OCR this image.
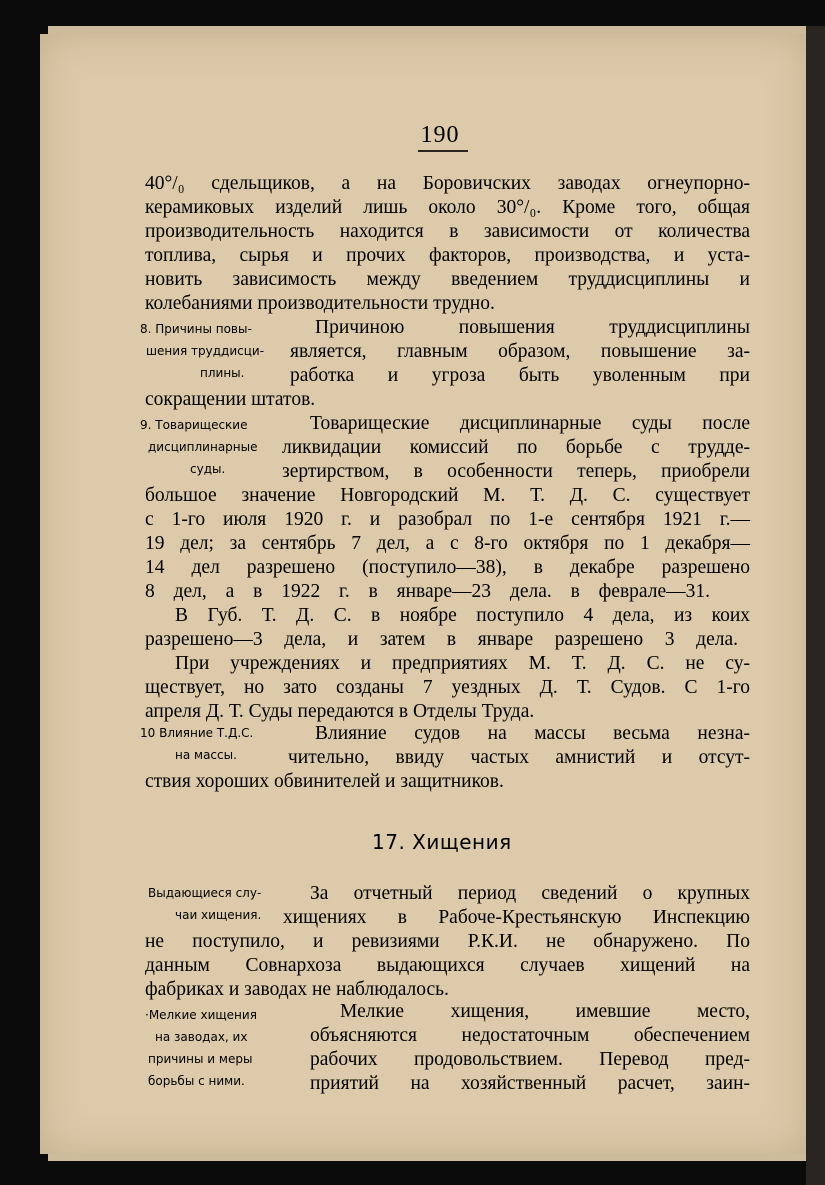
190
40°/₀ сдельщиков, а на Боровичских заводах огнеупорно-
керамиковых изделий лишь около 30°/₀. Кроме того, общая
производительность находится в зависимости от количества
топлива, сырья и прочих факторов, производства, и уста-
новить зависимость между введением труддисциплины и
колебаниями производительности трудно.
8. Причины повы-
шения труддисци-
плины.
Причиною повышения труддисциплины
является, главным образом, повышение за-
работка и угроза быть уволенным при
сокращении штатов.
9. Товарищеские
дисциплинарные
суды.
Товарищеские дисциплинарные суды после
ликвидации комиссий по борьбе с трудде-
зертирством, в особенности теперь, приобрели
большое значение Новгородский М. Т. Д. С. существует
с 1-го июля 1920 г. и разобрал по 1-е сентября 1921 г.—
19 дел; за сентябрь 7 дел, а с 8-го октября по 1 декабря—
14 дел разрешено (поступило—38), в декабре разрешено
8 дел, а в 1922 г. в январе—23 дела. в феврале—31.
В Губ. Т. Д. С. в ноябре поступило 4 дела, из коих
разрешено—3 дела, и затем в январе разрешено 3 дела.
При учреждениях и предприятиях М. Т. Д. С. не су-
ществует, но зато созданы 7 уездных Д. Т. Судов. С 1-го
апреля Д. Т. Суды передаются в Отделы Труда.
10 Влияние Т.Д.С.
на массы.
Влияние судов на массы весьма незна-
чительно, ввиду частых амнистий и отсут-
ствия хороших обвинителей и защитников.
17. Хищения
Выдающиеся слу-
чаи хищения.
За отчетный период сведений о крупных
хищениях в Рабоче-Крестьянскую Инспекцию
не поступило, и ревизиями Р.К.И. не обнаружено. По
данным Совнархоза выдающихся случаев хищений на
фабриках и заводах не наблюдалось.
·Мелкие хищения
на заводах, их
причины и меры
борьбы с ними.
Мелкие хищения, имевшие место,
объясняются недостаточным обеспечением
рабочих продовольствием. Перевод пред-
приятий на хозяйственный расчет, заин-
